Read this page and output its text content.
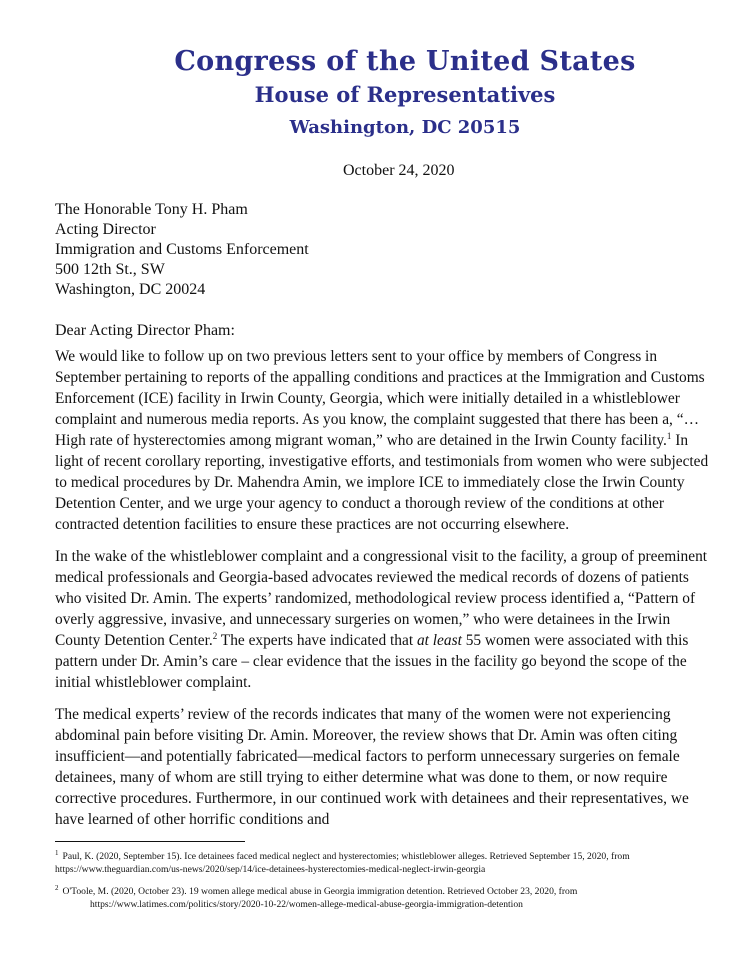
Congress of the United States
House of Representatives
Washington, DC 20515
October 24, 2020
The Honorable Tony H. Pham
Acting Director
Immigration and Customs Enforcement
500 12th St., SW
Washington, DC 20024
Dear Acting Director Pham:

We would like to follow up on two previous letters sent to your office by members of Congress in September pertaining to reports of the appalling conditions and practices at the Immigration and Customs Enforcement (ICE) facility in Irwin County, Georgia, which were initially detailed in a whistleblower complaint and numerous media reports. As you know, the complaint suggested that there has been a, “… High rate of hysterectomies among migrant woman,” who are detained in the Irwin County facility.$^1$ In light of recent corollary reporting, investigative efforts, and testimonials from women who were subjected to medical procedures by Dr. Mahendra Amin, we implore ICE to immediately close the Irwin County Detention Center, and we urge your agency to conduct a thorough review of the conditions at other contracted detention facilities to ensure these practices are not occurring elsewhere.

In the wake of the whistleblower complaint and a congressional visit to the facility, a group of preeminent medical professionals and Georgia-based advocates reviewed the medical records of dozens of patients who visited Dr. Amin. The experts’ randomized, methodological review process identified a, “Pattern of overly aggressive, invasive, and unnecessary surgeries on women,” who were detainees in the Irwin County Detention Center.$^2$ The experts have indicated that at least 55 women were associated with this pattern under Dr. Amin’s care – clear evidence that the issues in the facility go beyond the scope of the initial whistleblower complaint.

The medical experts’ review of the records indicates that many of the women were not experiencing abdominal pain before visiting Dr. Amin. Moreover, the review shows that Dr. Amin was often citing insufficient—and potentially fabricated—medical factors to perform unnecessary surgeries on female detainees, many of whom are still trying to either determine what was done to them, or now require corrective procedures. Furthermore, in our continued work with detainees and their representatives, we have learned of other horrific conditions and

$^1$ Paul, K. (2020, September 15). Ice detainees faced medical neglect and hysterectomies; whistleblower alleges. Retrieved September 15, 2020, from https://www.theguardian.com/us-news/2020/sep/14/ice-detainees-hysterectomies-medical-neglect-irwin-georgia
$^2$ O'Toole, M. (2020, October 23). 19 women allege medical abuse in Georgia immigration detention. Retrieved October 23, 2020, from
https://www.latimes.com/politics/story/2020-10-22/women-allege-medical-abuse-georgia-immigration-detention
